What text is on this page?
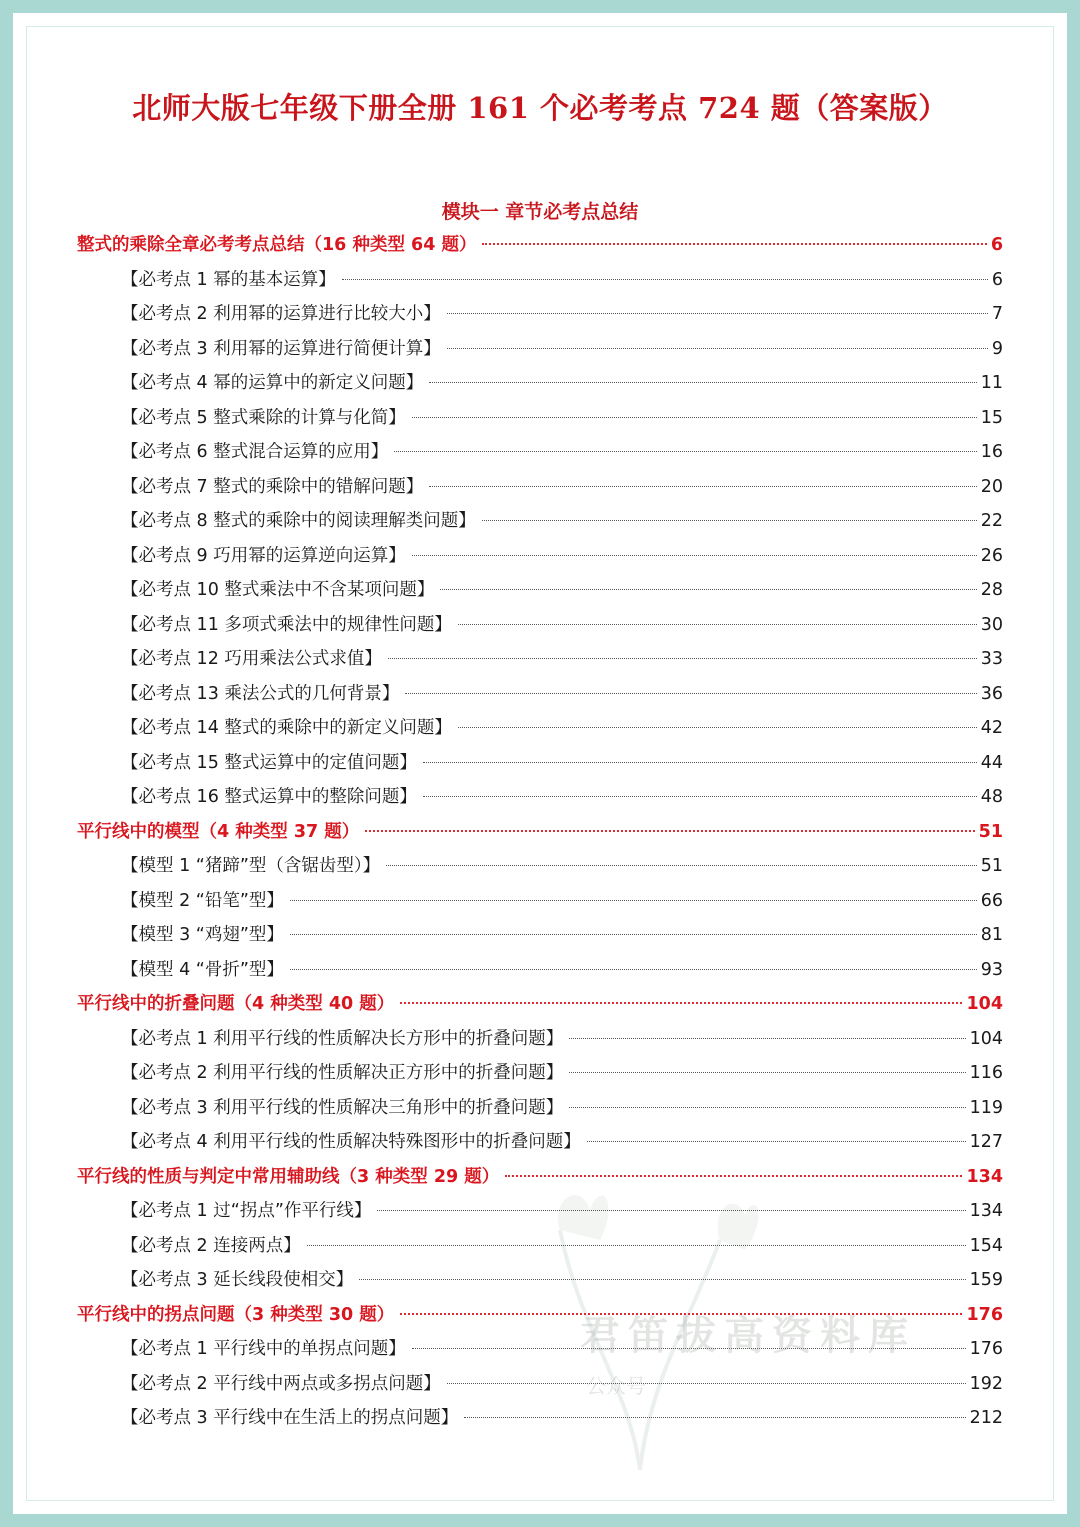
北师大版七年级下册全册 161 个必考考点 724 题（答案版）
模块一 章节必考点总结
整式的乘除全章必考考点总结（16 种类型 64 题）	6
【必考点 1 幂的基本运算】	6
【必考点 2 利用幂的运算进行比较大小】	7
【必考点 3 利用幂的运算进行简便计算】	9
【必考点 4 幂的运算中的新定义问题】	11
【必考点 5 整式乘除的计算与化简】	15
【必考点 6 整式混合运算的应用】	16
【必考点 7 整式的乘除中的错解问题】	20
【必考点 8 整式的乘除中的阅读理解类问题】	22
【必考点 9 巧用幂的运算逆向运算】	26
【必考点 10 整式乘法中不含某项问题】	28
【必考点 11 多项式乘法中的规律性问题】	30
【必考点 12 巧用乘法公式求值】	33
【必考点 13 乘法公式的几何背景】	36
【必考点 14 整式的乘除中的新定义问题】	42
【必考点 15 整式运算中的定值问题】	44
【必考点 16 整式运算中的整除问题】	48
平行线中的模型（4 种类型 37 题）	51
【模型 1 “猪蹄”型（含锯齿型）】	51
【模型 2 “铅笔”型】	66
【模型 3 “鸡翅”型】	81
【模型 4 “骨折”型】	93
平行线中的折叠问题（4 种类型 40 题）	104
【必考点 1 利用平行线的性质解决长方形中的折叠问题】	104
【必考点 2 利用平行线的性质解决正方形中的折叠问题】	116
【必考点 3 利用平行线的性质解决三角形中的折叠问题】	119
【必考点 4 利用平行线的性质解决特殊图形中的折叠问题】	127
平行线的性质与判定中常用辅助线（3 种类型 29 题）	134
【必考点 1 过“拐点”作平行线】	134
【必考点 2 连接两点】	154
【必考点 3 延长线段使相交】	159
平行线中的拐点问题（3 种类型 30 题）	176
【必考点 1 平行线中的单拐点问题】	176
【必考点 2 平行线中两点或多拐点问题】	192
【必考点 3 平行线中在生活上的拐点问题】	212
君笛拔高资料库
公众号
